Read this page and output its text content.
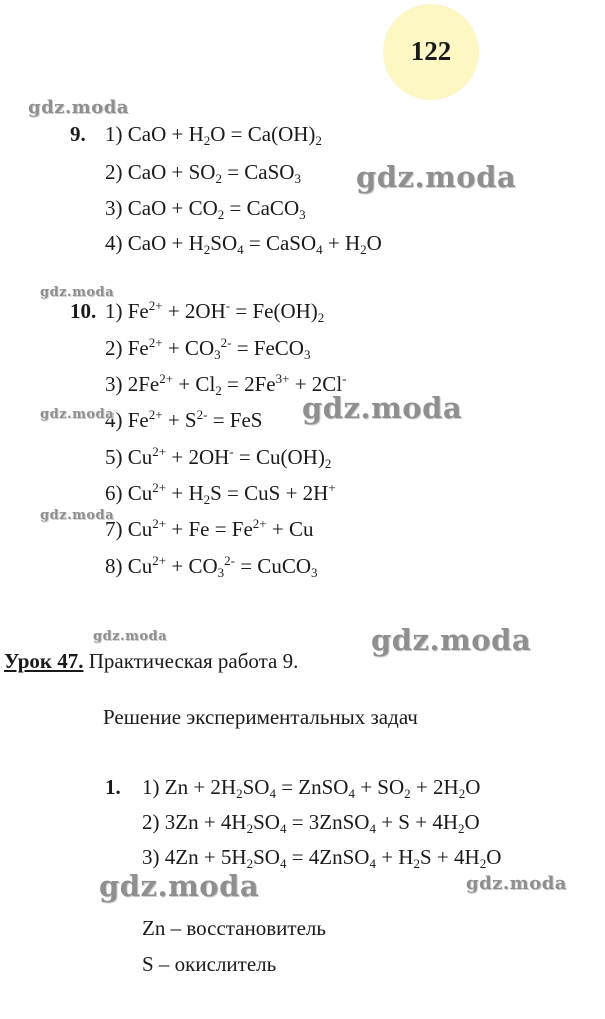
122
9. 1) CaO + $H_2O = Ca(OH)_2$
2) CaO + $SO_2$ = CaSO$_3$
3) CaO + $CO_2$ = CaCO$_3$
4) CaO + $H_2SO_4$ = CaSO$_4$ + $H_2O$
10. 1) $Fe^{2+} + 2OH^- = Fe(OH)_2$
2) $Fe^{2+} + CO_3^{2-}$ = FeCO$_3$
3) $2Fe^{2+} + Cl_2 = 2Fe^{3+} + 2Cl^-$
4) $Fe^{2+} + S^{2-}$ = FeS
5) $Cu^{2+} + 2OH^- = Cu(OH)_2$
6) $Cu^{2+} + H_2S$ = CuS + 2H+
7) $Cu^{2+} + Fe = Fe^{2+} + Cu$
8) $Cu^{2+} + CO_3^{2-}$ = CuCO$_3$
Урок 47. Практическая работа 9.
Решение экспериментальных задач
1. 1) $Zn + 2H_2SO_4$ = ZnSO$_4$ + $SO_2 + 2H_2O$
2) $3Zn + 4H_2SO_4$ = 3ZnSO$_4$ + $S + 4H_2O$
3) $4Zn + 5H_2SO_4$ = 4ZnSO$_4$ + $H_2S + 4H_2O$
Zn – восстановитель
S – окислитель
gdz.moda
gdz.moda
gdz.moda
gdz.moda	gdz.moda
gdz.moda
gdz.moda	gdz.moda
gdz.moda	gdz.moda
